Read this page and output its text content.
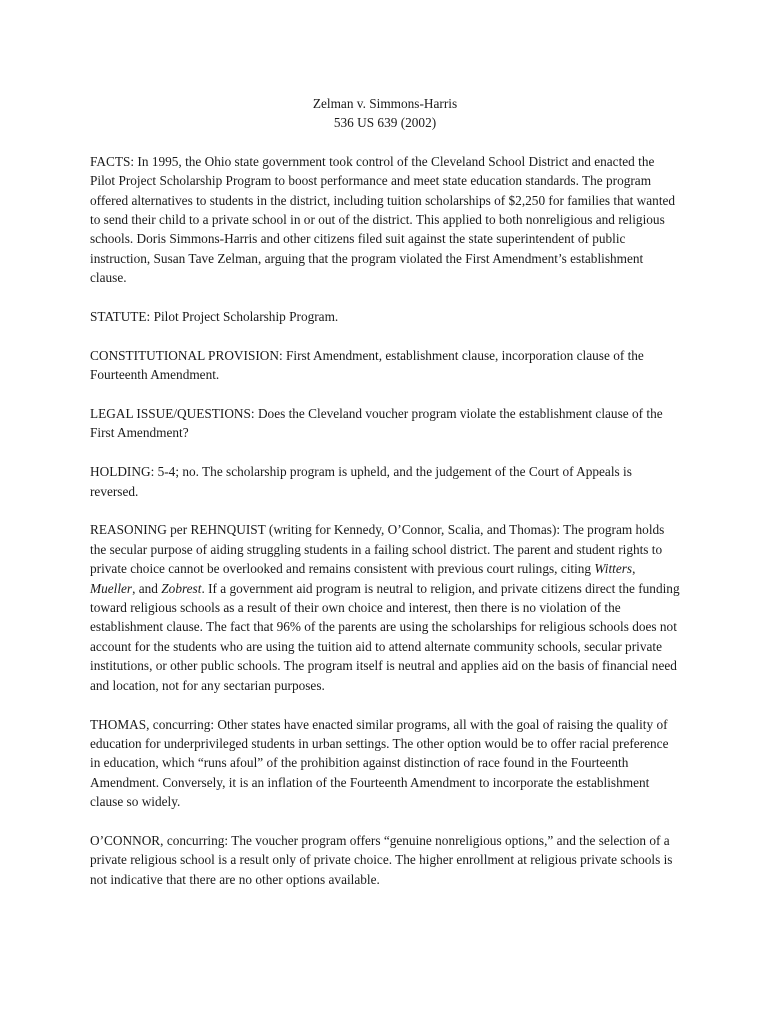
Zelman v. Simmons-Harris
536 US 639 (2002)

FACTS: In 1995, the Ohio state government took control of the Cleveland School District and enacted the Pilot Project Scholarship Program to boost performance and meet state education standards. The program offered alternatives to students in the district, including tuition scholarships of $2,250 for families that wanted to send their child to a private school in or out of the district. This applied to both nonreligious and religious schools. Doris Simmons-Harris and other citizens filed suit against the state superintendent of public instruction, Susan Tave Zelman, arguing that the program violated the First Amendment’s establishment clause.

STATUTE: Pilot Project Scholarship Program.

CONSTITUTIONAL PROVISION: First Amendment, establishment clause, incorporation clause of the Fourteenth Amendment.

LEGAL ISSUE/QUESTIONS: Does the Cleveland voucher program violate the establishment clause of the First Amendment?

HOLDING: 5-4; no. The scholarship program is upheld, and the judgement of the Court of Appeals is reversed.

REASONING per REHNQUIST (writing for Kennedy, O’Connor, Scalia, and Thomas): The program holds the secular purpose of aiding struggling students in a failing school district. The parent and student rights to private choice cannot be overlooked and remains consistent with previous court rulings, citing Witters, Mueller, and Zobrest. If a government aid program is neutral to religion, and private citizens direct the funding toward religious schools as a result of their own choice and interest, then there is no violation of the establishment clause. The fact that 96% of the parents are using the scholarships for religious schools does not account for the students who are using the tuition aid to attend alternate community schools, secular private institutions, or other public schools. The program itself is neutral and applies aid on the basis of financial need and location, not for any sectarian purposes.

THOMAS, concurring: Other states have enacted similar programs, all with the goal of raising the quality of education for underprivileged students in urban settings. The other option would be to offer racial preference in education, which “runs afoul” of the prohibition against distinction of race found in the Fourteenth Amendment. Conversely, it is an inflation of the Fourteenth Amendment to incorporate the establishment clause so widely.

O’CONNOR, concurring: The voucher program offers “genuine nonreligious options,” and the selection of a private religious school is a result only of private choice. The higher enrollment at religious private schools is not indicative that there are no other options available.
